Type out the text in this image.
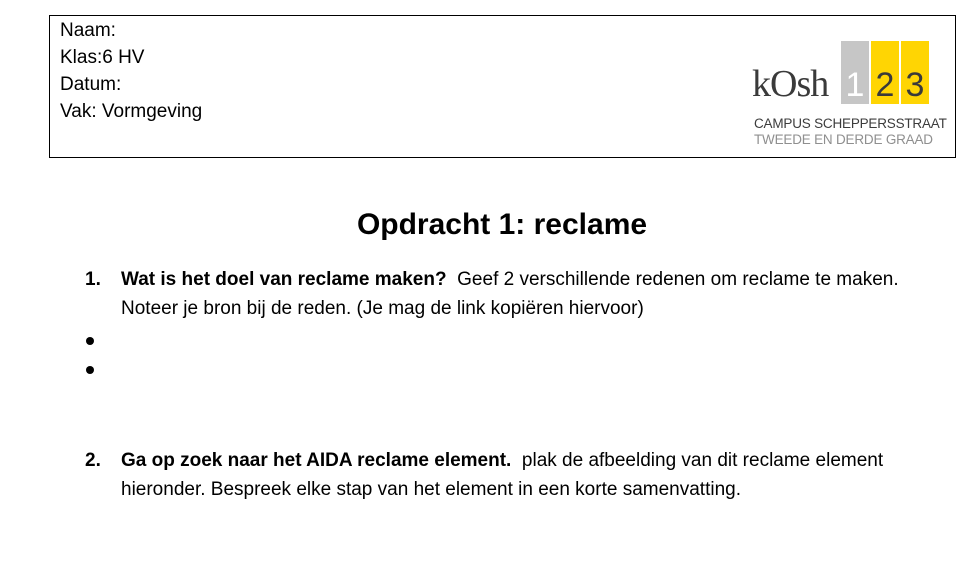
Naam:
Klas:6 HV
Datum:
Vak: Vormgeving
kOsh 1 2 3
CAMPUS SCHEPPERSSTRAAT
TWEEDE EN DERDE GRAAD
Opdracht 1: reclame
1. Wat is het doel van reclame maken?  Geef 2 verschillende redenen om reclame te maken. Noteer je bron bij de reden. (Je mag de link kopiëren hiervoor)
2. Ga op zoek naar het AIDA reclame element.  plak de afbeelding van dit reclame element hieronder. Bespreek elke stap van het element in een korte samenvatting.
